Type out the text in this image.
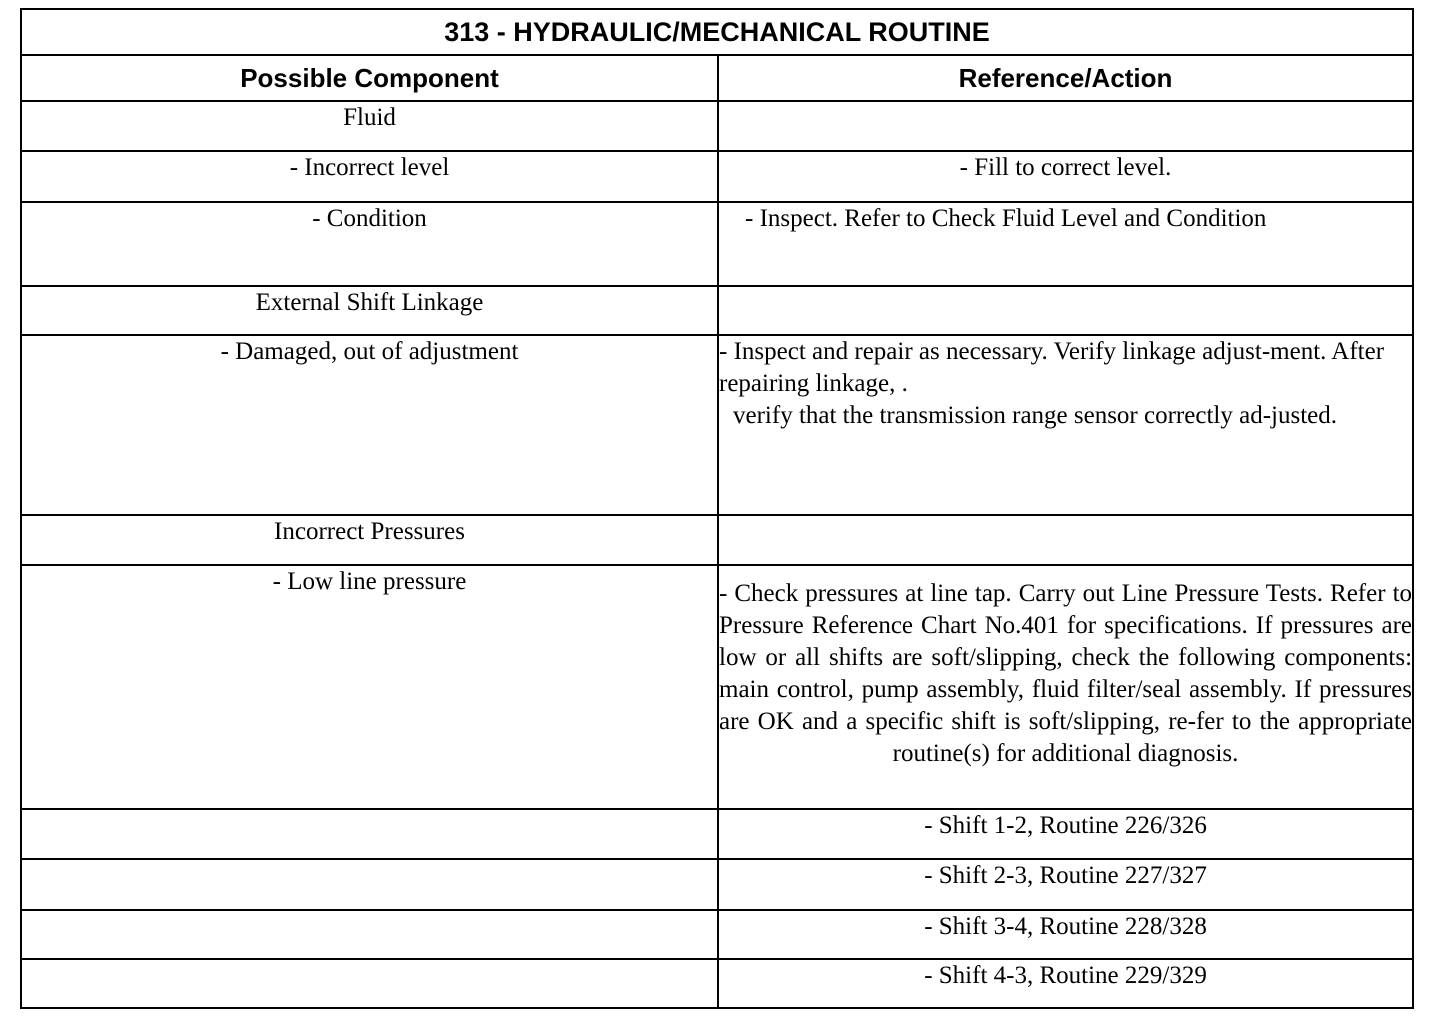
313 - HYDRAULIC/MECHANICAL ROUTINE	
Possible Component	Reference/Action
Fluid	
- Incorrect level	- Fill to correct level.

- Condition	- Inspect. Refer to Check Fluid Level and Condition

External Shift Linkage	
- Damaged, out of adjustment	- Inspect and repair as necessary. Verify linkage adjust-ment. After repairing linkage, .
verify that the transmission range sensor correctly ad-justed.

Incorrect Pressures	
- Low line pressure	- Check pressures at line tap. Carry out Line Pressure Tests. Refer to Pressure Reference Chart No.401 for specifications. If pressures are low or all shifts are soft/slipping, check the following components: main control, pump assembly, fluid filter/seal assembly. If pressures are OK and a specific shift is soft/slipping, re-fer to the appropriate routine(s) for additional diagnosis.

	- Shift 1-2, Routine 226/326

	- Shift 2-3, Routine 227/327

	- Shift 3-4, Routine 228/328

	- Shift 4-3, Routine 229/329
